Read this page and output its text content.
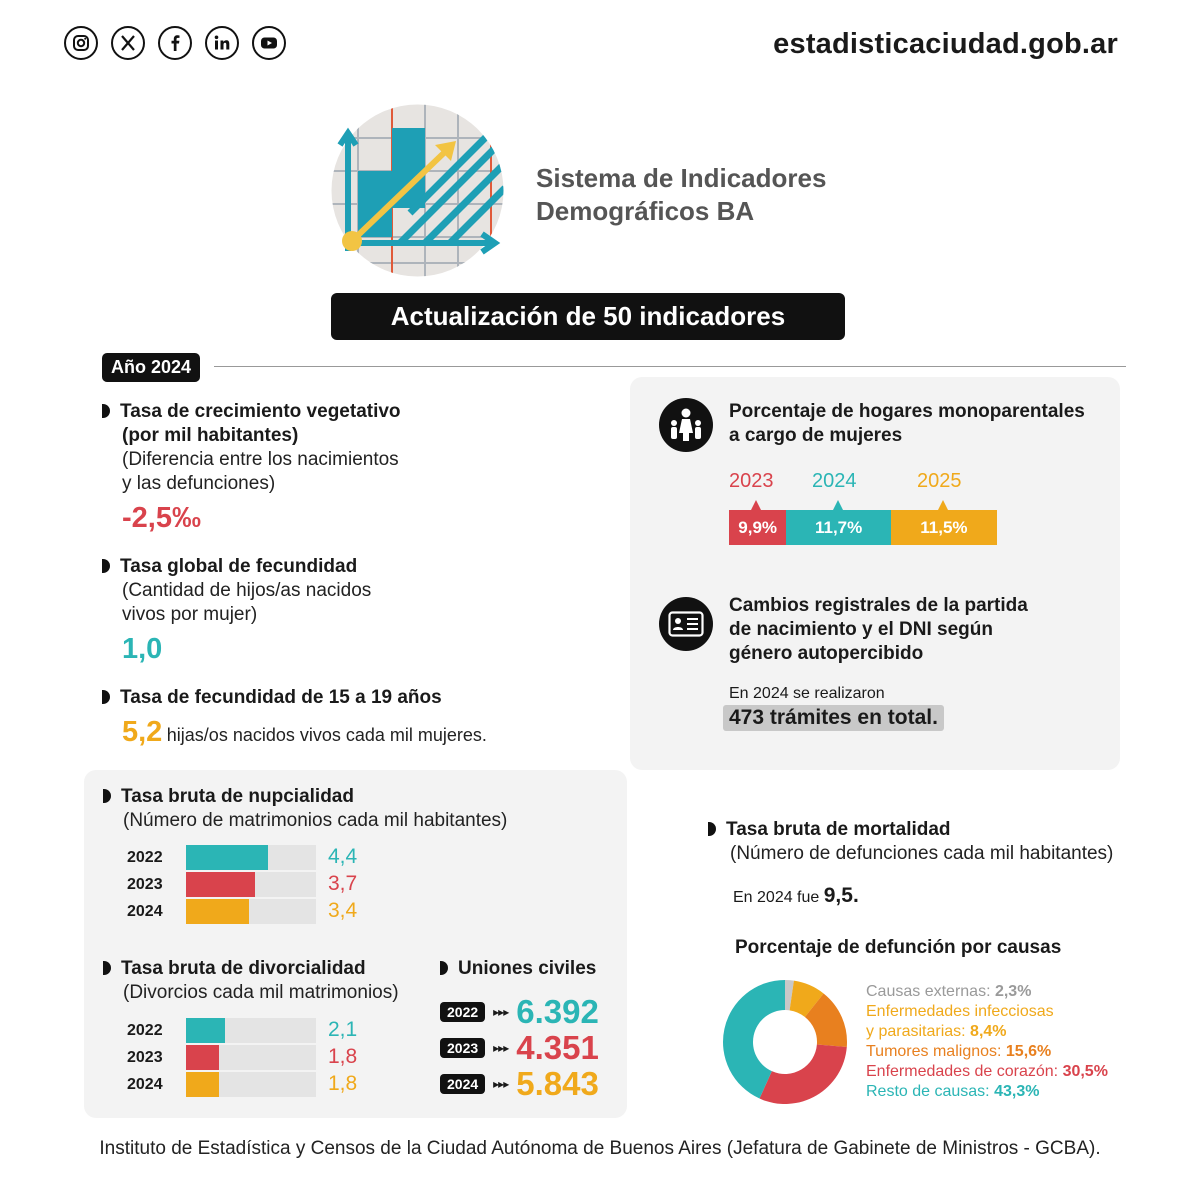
estadisticaciudad.gob.ar
Sistema de Indicadores
Demográficos BA
Actualización de 50 indicadores
Año 2024
Tasa de crecimiento vegetativo
(por mil habitantes)
(Diferencia entre los nacimientos
y las defunciones)
-2,5‰
Tasa global de fecundidad
(Cantidad de hijos/as nacidos
vivos por mujer)
1,0
Tasa de fecundidad de 15 a 19 años
5,2 hijas/os nacidos vivos cada mil mujeres.
Porcentaje de hogares monoparentales
a cargo de mujeres
2023 2024	2025
9,9%	11,7%	11,5%
Cambios registrales de la partida
de nacimiento y el DNI según
género autopercibido
En 2024 se realizaron
473 trámites en total.
Tasa bruta de nupcialidad
(Número de matrimonios cada mil habitantes)
2022	4,4
2023	3,7
2024	3,4
Tasa bruta de divorcialidad
(Divorcios cada mil matrimonios)
2022	2,1
2023	1,8
2024	1,8
Uniones civiles
2022	▸▸▸ 6.392
2023	▸▸▸ 4.351
2024	▸▸▸ 5.843
Tasa bruta de mortalidad
(Número de defunciones cada mil habitantes)
En 2024 fue 9,5.
Porcentaje de defunción por causas
Causas externas: 2,3%
Enfermedades infecciosas
y parasitarias: 8,4%
Tumores malignos: 15,6%
Enfermedades de corazón: 30,5%
Resto de causas: 43,3%
Instituto de Estadística y Censos de la Ciudad Autónoma de Buenos Aires (Jefatura de Gabinete de Ministros - GCBA).
